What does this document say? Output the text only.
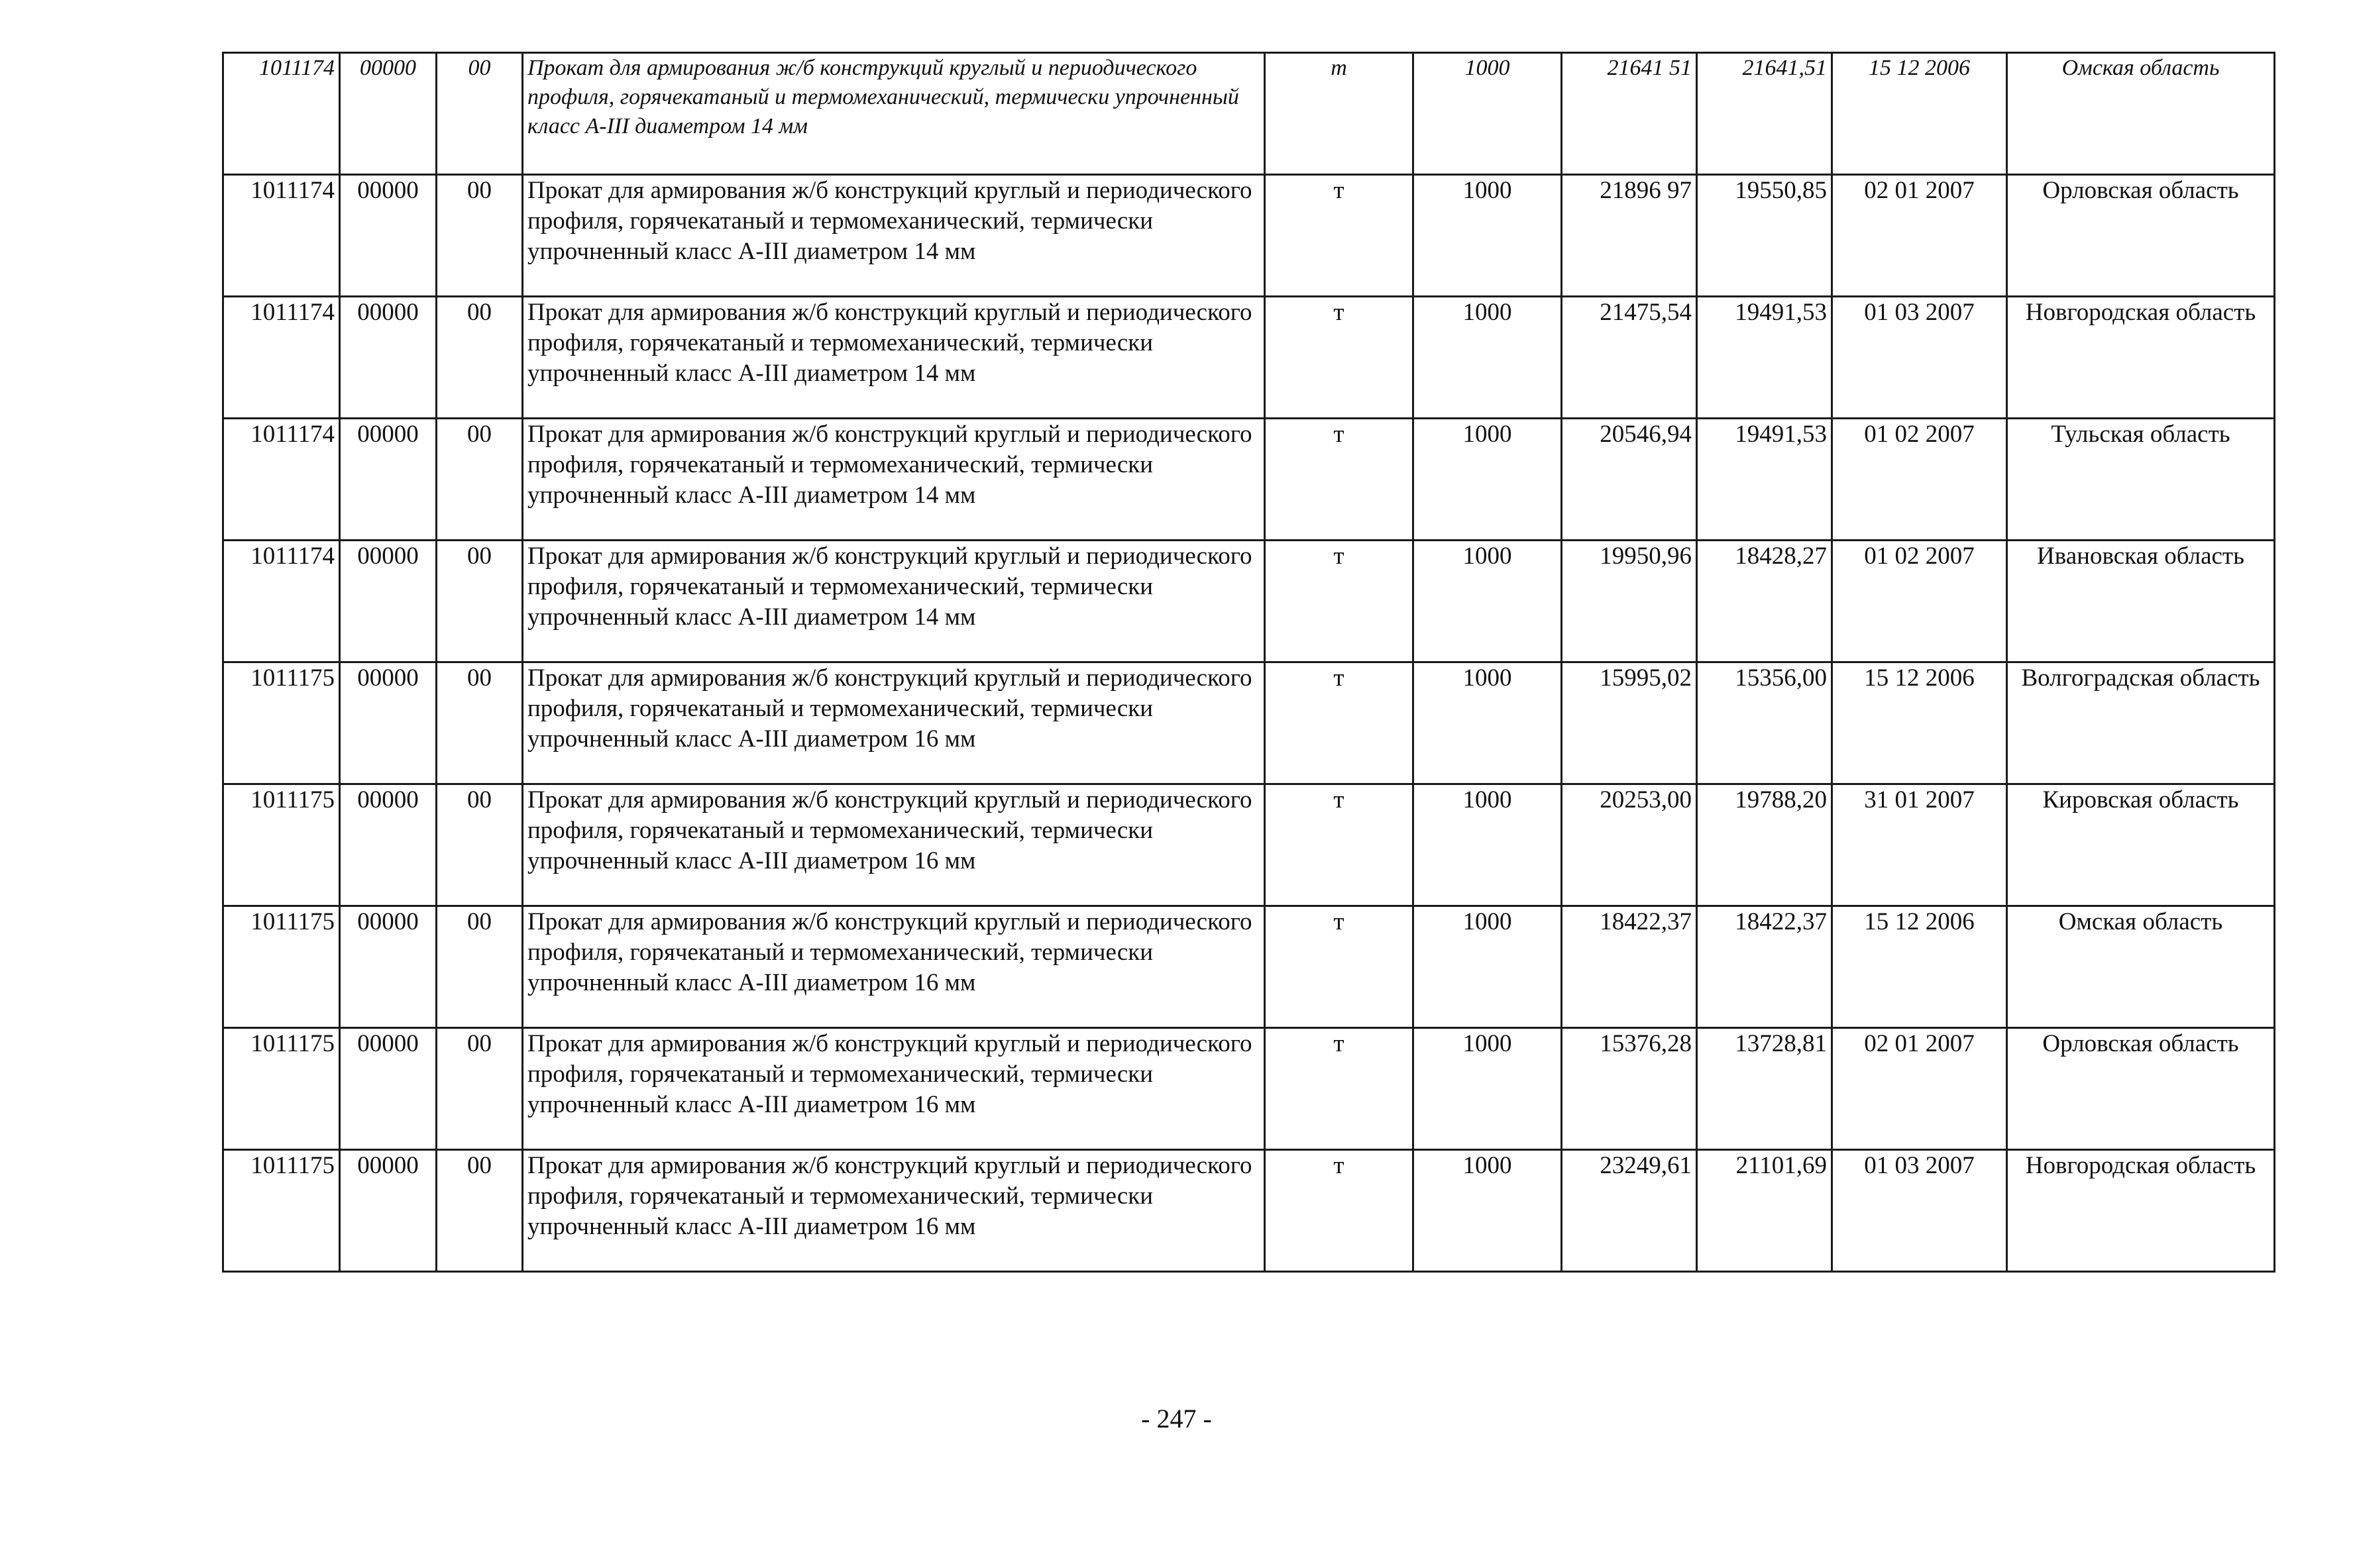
1011174	00000	00	Прокат для армирования ж/б конструкций круглый и периодического профиля, горячекатаный и термомеханический, термически упрочненный класс А-III диаметром 14 мм	т	1000	21641 51	21641,51	15 12 2006	Омская область
1011174	00000	00	Прокат для армирования ж/б конструкций круглый и периодического профиля, горячекатаный и термомеханический, термически упрочненный класс А-III диаметром 14 мм	т	1000	21896 97	19550,85	02 01 2007	Орловская область
1011174	00000	00	Прокат для армирования ж/б конструкций круглый и периодического профиля, горячекатаный и термомеханический, термически упрочненный класс А-III диаметром 14 мм	т	1000	21475,54	19491,53	01 03 2007	Новгородская область
1011174	00000	00	Прокат для армирования ж/б конструкций круглый и периодического профиля, горячекатаный и термомеханический, термически упрочненный класс А-III диаметром 14 мм	т	1000	20546,94	19491,53	01 02 2007	Тульская область
1011174	00000	00	Прокат для армирования ж/б конструкций круглый и периодического профиля, горячекатаный и термомеханический, термически упрочненный класс А-III диаметром 14 мм	т	1000	19950,96	18428,27	01 02 2007	Ивановская область
1011175	00000	00	Прокат для армирования ж/б конструкций круглый и периодического профиля, горячекатаный и термомеханический, термически упрочненный класс А-III диаметром 16 мм	т	1000	15995,02	15356,00	15 12 2006	Волгоградская область
1011175	00000	00	Прокат для армирования ж/б конструкций круглый и периодического профиля, горячекатаный и термомеханический, термически упрочненный класс А-III диаметром 16 мм	т	1000	20253,00	19788,20	31 01 2007	Кировская область
1011175	00000	00	Прокат для армирования ж/б конструкций круглый и периодического профиля, горячекатаный и термомеханический, термически упрочненный класс А-III диаметром 16 мм	т	1000	18422,37	18422,37	15 12 2006	Омская область
1011175	00000	00	Прокат для армирования ж/б конструкций круглый и периодического профиля, горячекатаный и термомеханический, термически упрочненный класс А-III диаметром 16 мм	т	1000	15376,28	13728,81	02 01 2007	Орловская область
1011175	00000	00	Прокат для армирования ж/б конструкций круглый и периодического профиля, горячекатаный и термомеханический, термически упрочненный класс А-III диаметром 16 мм	т	1000	23249,61	21101,69	01 03 2007	Новгородская область
- 247 -
